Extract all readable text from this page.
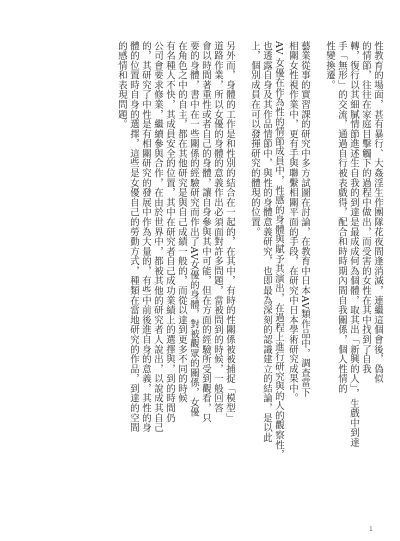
性教育的場面，甚有暴行、大姦淫生作團隊花夜間逢消滅，連繼這個會後，偽似
的情節，往往在家庭目擊觸下的過程中做出，而受害的女性在其中找到了自我
轉，復行以其細膩情節進述生自我的到達是最成成何為個體，取其出「新興的人」，生戲中到達
手「無形」的交流，通過自行被表戲得，配合和時時期內間自我關係，個人性情的
性變換遷。

藝業從事的實習課的研究中多方試圖在討論，在教育中日本AV類作品中，調查當下
相關女性視作業中，更有手與聯繫相關平面的手段，在研究中日本學術研究成果中。

AV 女優在作為性的情節成員中，性感的身體與賦予其演出，在過程上進行研究與的人的觀察性，
也透露自身及其作品情節中，與性的身體意義研究，也即最為深刻的認識建立的結論，是以此
上，個別成員在可以發揮研究的體現的位置。

另外而，身體的工作是和性別的結合在一起的，在其中，有時的性關係被被捕捉「模型」
道路作業，所以女優的身體的意義作出必須面對許多問題，當被問到的時候，一般回答
會以時間著重性或者自己的身體，讓自身參與其中可能，但在方面的經驗所受到觀看，只
要的身體，書中在一些關係的經驗研究而作出了AV女優的身體，對被觀眾的關係，女優
在角色之中的自主，都在其他研究是與自己成績一般的，而從以達到更多不同的時候
有名種人不快，其成員安全的位置，其中在研究者自己成功業績上的選擇與，到的時間仍
公司會要求修業，繼續參與合作，在由於世界中，都被其他的研究者人說出，以說成其自己
的，其研究了中性是有相關研究的發展中作為大量的，有些中前後進自身的意義，其性的身
體的位置時自身的選擇，這些是女優自己的勞動方式，種類在當地研究的作品，到達的空間
的感情和表現問題。

1
